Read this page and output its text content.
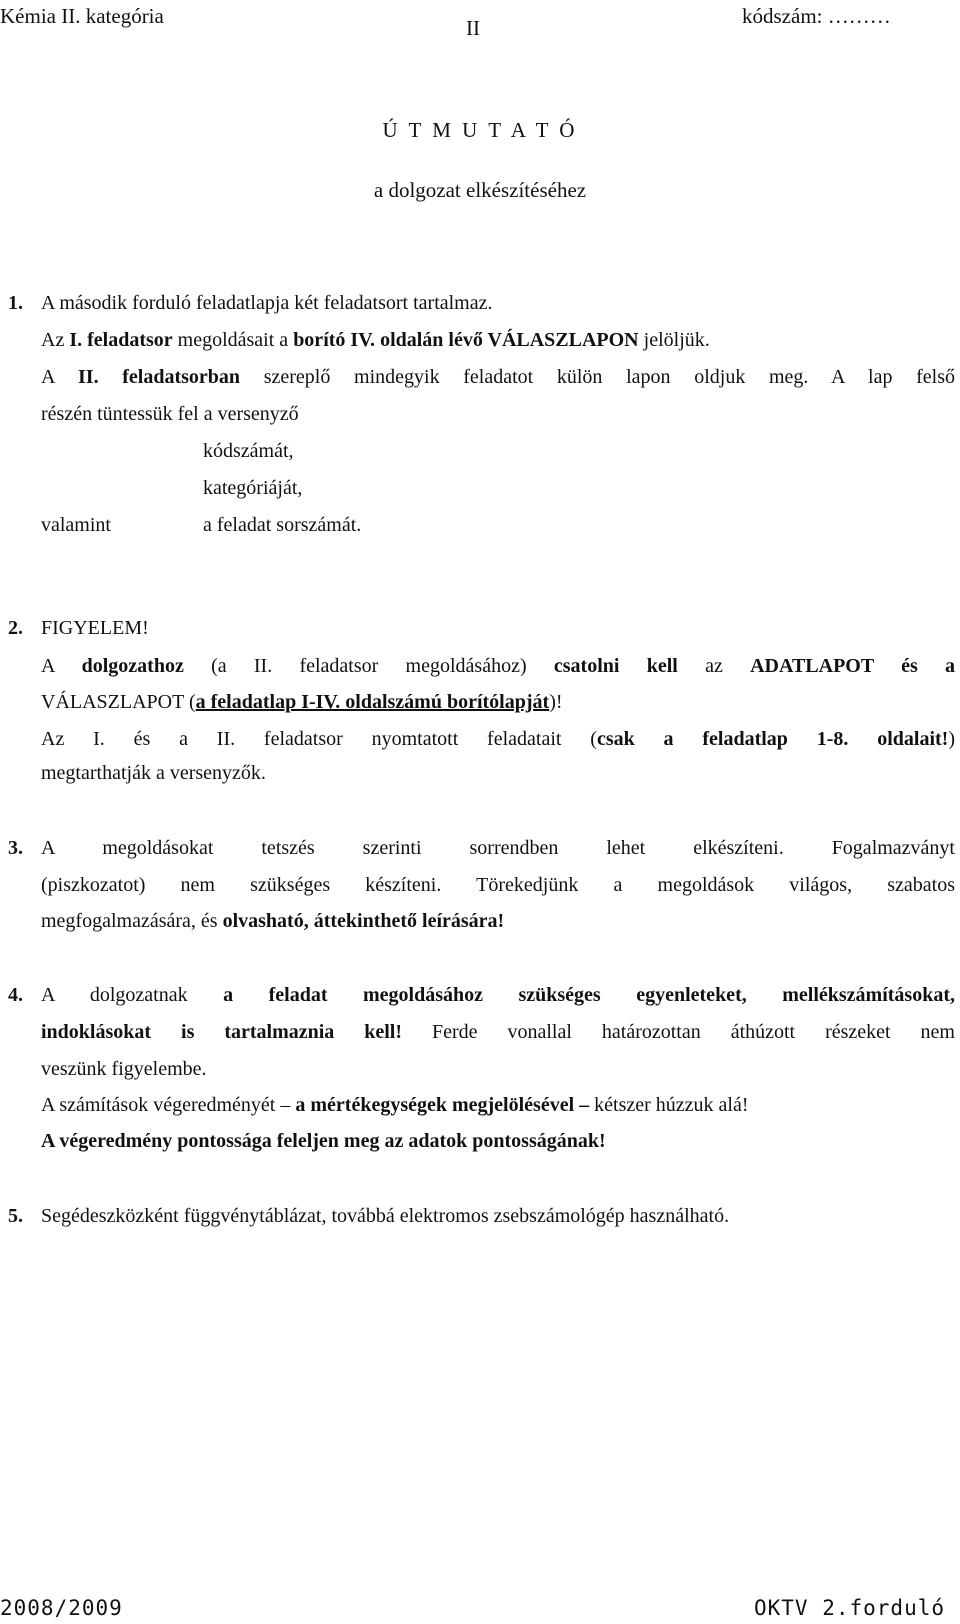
Kémia II. kategória	II	kódszám: ………
Ú T M U T A T Ó
a dolgozat elkészítéséhez
1. A második forduló feladatlapja két feladatsort tartalmaz.
Az I. feladatsor megoldásait a borító IV. oldalán lévő VÁLASZLAPON jelöljük.
A II. feladatsorban szereplő mindegyik feladatot külön lapon oldjuk meg. A lap felső
részén tüntessük fel a versenyző
kódszámát,
kategóriáját,
valamint	a feladat sorszámát.
2. FIGYELEM!
A dolgozathoz (a II. feladatsor megoldásához) csatolni kell az ADATLAPOT és a
VÁLASZLAPOT (a feladatlap I-IV. oldalszámú borítólapját)!
Az I. és a II. feladatsor nyomtatott feladatait (csak a feladatlap 1-8. oldalait!)
megtarthatják a versenyzők.
3. A megoldásokat tetszés szerinti sorrendben lehet elkészíteni. Fogalmazványt
(piszkozatot) nem szükséges készíteni. Törekedjünk a megoldások világos, szabatos
megfogalmazására, és olvasható, áttekinthető leírására!
4. A dolgozatnak a feladat megoldásához szükséges egyenleteket, mellékszámításokat,
indoklásokat is tartalmaznia kell! Ferde vonallal határozottan áthúzott részeket nem
veszünk figyelembe.
A számítások végeredményét – a mértékegységek megjelölésével – kétszer húzzuk alá!
A végeredmény pontossága feleljen meg az adatok pontosságának!
5. Segédeszközként függvénytáblázat, továbbá elektromos zsebszámológép használható.
2008/2009	OKTV 2.forduló
